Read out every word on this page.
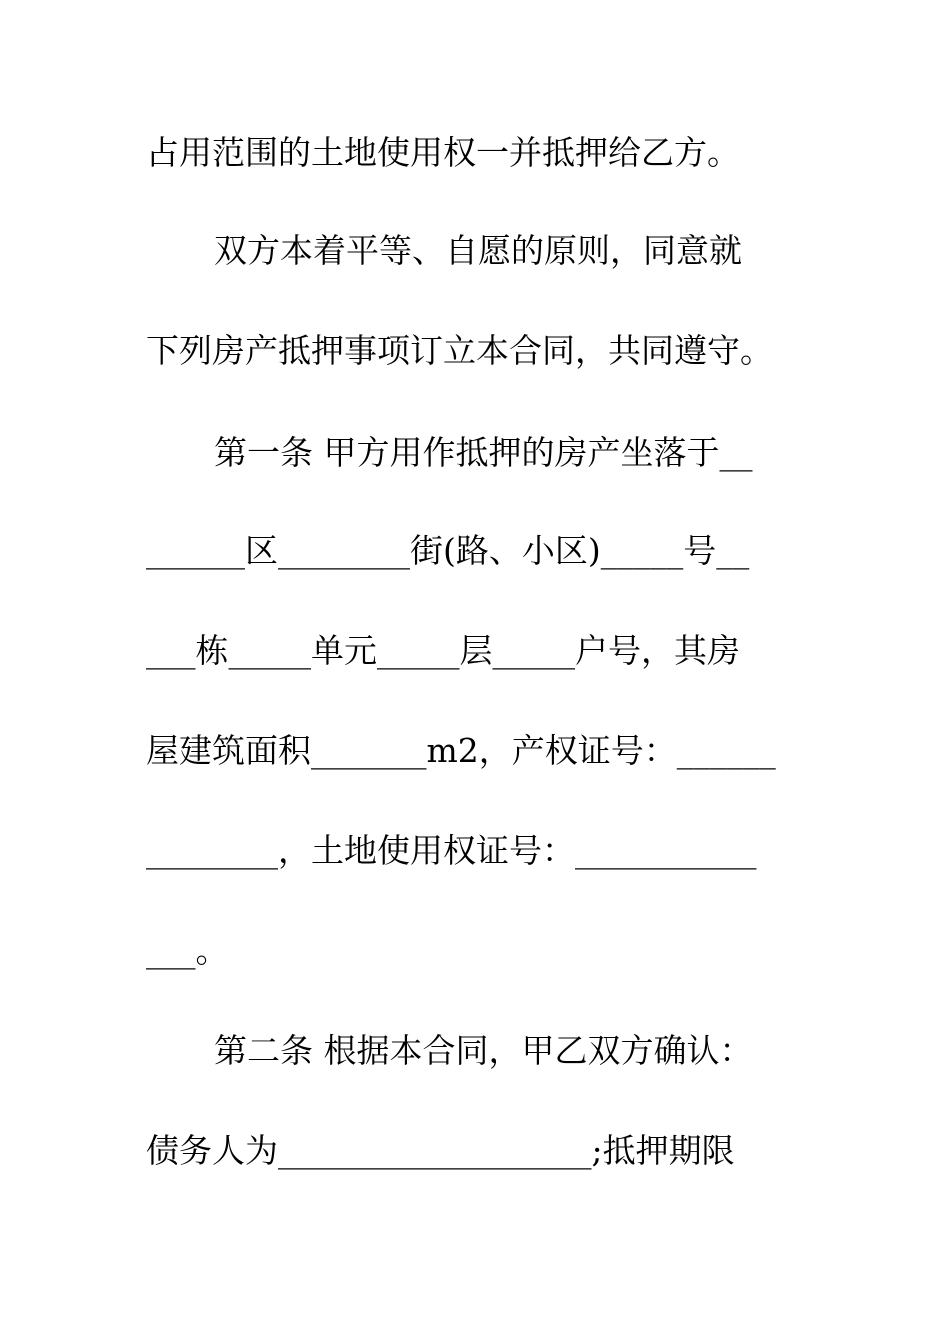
占用范围的土地使用权一并抵押给乙方。
双方本着平等、自愿的原则，同意就
下列房产抵押事项订立本合同，共同遵守。
第一条 甲方用作抵押的房产坐落于__
______区________街(路、小区)_____号__
___栋_____单元_____层_____户号，其房
屋建筑面积_______m2，产权证号：______
________，土地使用权证号：___________
___。
第二条 根据本合同，甲乙双方确认：
债务人为___________________;抵押期限
